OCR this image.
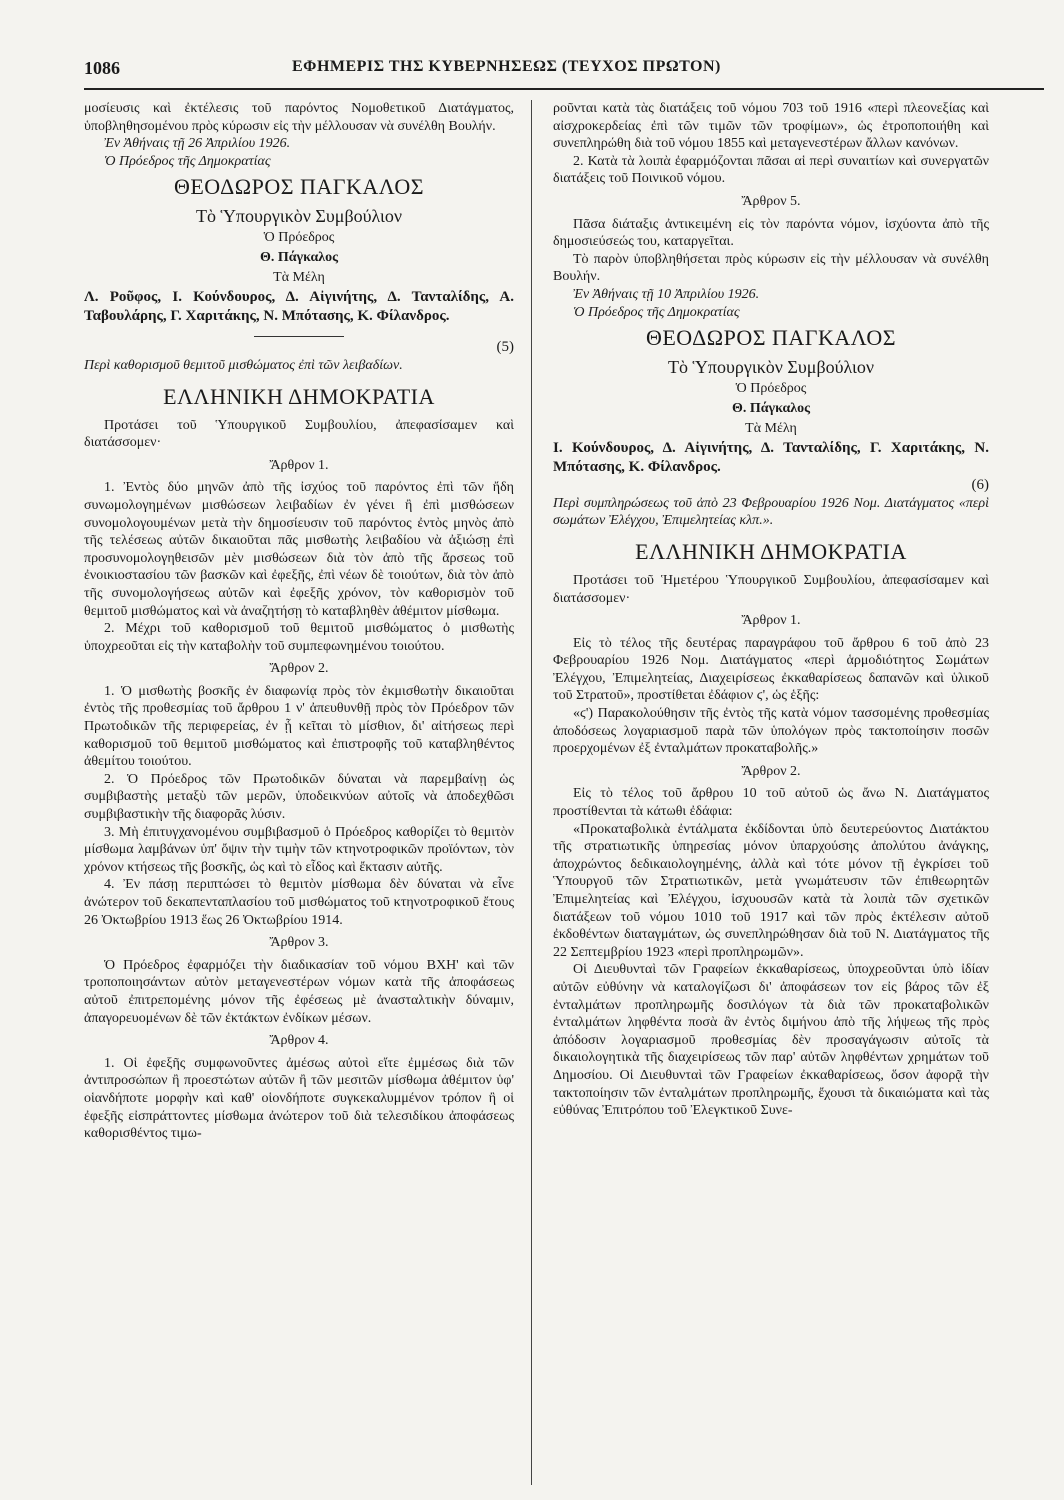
1086	ΕΦΗΜΕΡΙΣ ΤΗΣ ΚΥΒΕΡΝΗΣΕΩΣ (ΤΕΥΧΟΣ ΠΡΩΤΟΝ)

μοσίευσις καὶ ἐκτέλεσις τοῦ παρόντος Νομοθετικοῦ Διατάγματος, ὑποβληθησομένου πρὸς κύρωσιν εἰς τὴν μέλλουσαν νὰ συνέλθη Βουλήν.

Ἐν Ἀθήναις τῇ 26 Ἀπριλίου 1926.

Ὁ Πρόεδρος τῆς Δημοκρατίας

ΘΕΟΔΩΡΟΣ ΠΑΓΚΑΛΟΣ

Τὸ Ὑπουργικὸν Συμβούλιον

Ὁ Πρόεδρος

Θ. Πάγκαλος

Τὰ Μέλη

Λ. Ροῦφος, Ι. Κούνδουρος, Δ. Αἰγινήτης, Δ. Τανταλίδης, Α. Ταβουλάρης, Γ. Χαριτάκης, Ν. Μπότασης, Κ. Φίλανδρος.

(5)

Περὶ καθορισμοῦ θεμιτοῦ μισθώματος ἐπὶ τῶν λειβαδίων.

ΕΛΛΗΝΙΚΗ ΔΗΜΟΚΡΑΤΙΑ

Προτάσει τοῦ Ὑπουργικοῦ Συμβουλίου, ἀπεφασίσαμεν καὶ διατάσσομεν·

Ἄρθρον 1.

1. Ἐντὸς δύο μηνῶν ἀπὸ τῆς ἰσχύος τοῦ παρόντος ἐπὶ τῶν ἤδη συνωμολογημένων μισθώσεων λειβαδίων ἐν γένει ἢ ἐπὶ μισθώσεων συνομολογουμένων μετὰ τὴν δημοσίευσιν τοῦ παρόντος ἐντὸς μηνὸς ἀπὸ τῆς τελέσεως αὐτῶν δικαιοῦται πᾶς μισθωτὴς λειβαδίου νὰ ἀξιώσῃ ἐπὶ προσυνομολογηθεισῶν μὲν μισθώσεων διὰ τὸν ἀπὸ τῆς ἄρσεως τοῦ ἐνοικιοστασίου τῶν βασκῶν καὶ ἐφεξῆς, ἐπὶ νέων δὲ τοιούτων, διὰ τὸν ἀπὸ τῆς συνομολογήσεως αὐτῶν καὶ ἐφεξῆς χρόνον, τὸν καθορισμὸν τοῦ θεμιτοῦ μισθώματος καὶ νὰ ἀναζητήσῃ τὸ καταβληθὲν ἀθέμιτον μίσθωμα.

2. Μέχρι τοῦ καθορισμοῦ τοῦ θεμιτοῦ μισθώματος ὁ μισθωτὴς ὑποχρεοῦται εἰς τὴν καταβολὴν τοῦ συμπεφωνημένου τοιούτου.

Ἄρθρον 2.

1. Ὁ μισθωτὴς βοσκῆς ἐν διαφωνίᾳ πρὸς τὸν ἐκμισθωτὴν δικαιοῦται ἐντὸς τῆς προθεσμίας τοῦ ἄρθρου 1 ν' ἀπευθυνθῇ πρὸς τὸν Πρόεδρον τῶν Πρωτοδικῶν τῆς περιφερείας, ἐν ᾗ κεῖται τὸ μίσθιον, δι' αἰτήσεως περὶ καθορισμοῦ τοῦ θεμιτοῦ μισθώματος καὶ ἐπιστροφῆς τοῦ καταβληθέντος ἀθεμίτου τοιούτου.

2. Ὁ Πρόεδρος τῶν Πρωτοδικῶν δύναται νὰ παρεμβαίνῃ ὡς συμβιβαστὴς μεταξὺ τῶν μερῶν, ὑποδεικνύων αὐτοῖς νὰ ἀποδεχθῶσι συμβιβαστικὴν τῆς διαφορᾶς λύσιν.

3. Μὴ ἐπιτυγχανομένου συμβιβασμοῦ ὁ Πρόεδρος καθορίζει τὸ θεμιτὸν μίσθωμα λαμβάνων ὑπ' ὄψιν τὴν τιμὴν τῶν κτηνοτροφικῶν προϊόντων, τὸν χρόνον κτήσεως τῆς βοσκῆς, ὡς καὶ τὸ εἶδος καὶ ἔκτασιν αὐτῆς.

4. Ἐν πάσῃ περιπτώσει τὸ θεμιτὸν μίσθωμα δὲν δύναται νὰ εἶνε ἀνώτερον τοῦ δεκαπενταπλασίου τοῦ μισθώματος τοῦ κτηνοτροφικοῦ ἔτους 26 Ὀκτωβρίου 1913 ἕως 26 Ὀκτωβρίου 1914.

Ἄρθρον 3.

Ὁ Πρόεδρος ἐφαρμόζει τὴν διαδικασίαν τοῦ νόμου ΒΧΗ' καὶ τῶν τροποποιησάντων αὐτὸν μεταγενεστέρων νόμων κατὰ τῆς ἀποφάσεως αὐτοῦ ἐπιτρεπομένης μόνον τῆς ἐφέσεως μὲ ἀνασταλτικὴν δύναμιν, ἀπαγορευομένων δὲ τῶν ἐκτάκτων ἐνδίκων μέσων.

Ἄρθρον 4.

1. Οἱ ἐφεξῆς συμφωνοῦντες ἀμέσως αὐτοὶ εἴτε ἐμμέσως διὰ τῶν ἀντιπροσώπων ἢ προεστώτων αὐτῶν ἢ τῶν μεσιτῶν μίσθωμα ἀθέμιτον ὑφ' οἱανδήποτε μορφὴν καὶ καθ' οἱονδήποτε συγκεκαλυμμένον τρόπον ἢ οἱ ἐφεξῆς εἰσπράττοντες μίσθωμα ἀνώτερον τοῦ διὰ τελεσιδίκου ἀποφάσεως καθορισθέντος τιμω-

ροῦνται κατὰ τὰς διατάξεις τοῦ νόμου 703 τοῦ 1916 «περὶ πλεονεξίας καὶ αἰσχροκερδείας ἐπὶ τῶν τιμῶν τῶν τροφίμων», ὡς ἐτροποποιήθη καὶ συνεπληρώθη διὰ τοῦ νόμου 1855 καὶ μεταγενεστέρων ἄλλων κανόνων.

2. Κατὰ τὰ λοιπὰ ἐφαρμόζονται πᾶσαι αἱ περὶ συναιτίων καὶ συνεργατῶν διατάξεις τοῦ Ποινικοῦ νόμου.

Ἄρθρον 5.

Πᾶσα διάταξις ἀντικειμένη εἰς τὸν παρόντα νόμον, ἰσχύοντα ἀπὸ τῆς δημοσιεύσεώς του, καταργεῖται.

Τὸ παρὸν ὑποβληθήσεται πρὸς κύρωσιν εἰς τὴν μέλλουσαν νὰ συνέλθη Βουλήν.

Ἐν Ἀθήναις τῇ 10 Ἀπριλίου 1926.

Ὁ Πρόεδρος τῆς Δημοκρατίας

ΘΕΟΔΩΡΟΣ ΠΑΓΚΑΛΟΣ

Τὸ Ὑπουργικὸν Συμβούλιον

Ὁ Πρόεδρος

Θ. Πάγκαλος

Τὰ Μέλη

Ι. Κούνδουρος, Δ. Αἰγινήτης, Δ. Τανταλίδης, Γ. Χαριτάκης, Ν. Μπότασης, Κ. Φίλανδρος.

(6)

Περὶ συμπληρώσεως τοῦ ἀπὸ 23 Φεβρουαρίου 1926 Νομ. Διατάγματος «περὶ σωμάτων Ἐλέγχου, Ἐπιμελητείας κλπ.».

ΕΛΛΗΝΙΚΗ ΔΗΜΟΚΡΑΤΙΑ

Προτάσει τοῦ Ἡμετέρου Ὑπουργικοῦ Συμβουλίου, ἀπεφασίσαμεν καὶ διατάσσομεν·

Ἄρθρον 1.

Εἰς τὸ τέλος τῆς δευτέρας παραγράφου τοῦ ἄρθρου 6 τοῦ ἀπὸ 23 Φεβρουαρίου 1926 Νομ. Διατάγματος «περὶ ἁρμοδιότητος Σωμάτων Ἐλέγχου, Ἐπιμελητείας, Διαχειρίσεως ἐκκαθαρίσεως δαπανῶν καὶ ὑλικοῦ τοῦ Στρατοῦ», προστίθεται ἐδάφιον ϛ', ὡς ἑξῆς:

«ϛ') Παρακολούθησιν τῆς ἐντὸς τῆς κατὰ νόμον τασσομένης προθεσμίας ἀποδόσεως λογαριασμοῦ παρὰ τῶν ὑπολόγων πρὸς τακτοποίησιν ποσῶν προερχομένων ἐξ ἐνταλμάτων προκαταβολῆς.»

Ἄρθρον 2.

Εἰς τὸ τέλος τοῦ ἄρθρου 10 τοῦ αὐτοῦ ὡς ἄνω Ν. Διατάγματος προστίθενται τὰ κάτωθι ἐδάφια:

«Προκαταβολικὰ ἐντάλματα ἐκδίδονται ὑπὸ δευτερεύοντος Διατάκτου τῆς στρατιωτικῆς ὑπηρεσίας μόνον ὑπαρχούσης ἀπολύτου ἀνάγκης, ἀποχρώντος δεδικαιολογημένης, ἀλλὰ καὶ τότε μόνον τῇ ἐγκρίσει τοῦ Ὑπουργοῦ τῶν Στρατιωτικῶν, μετὰ γνωμάτευσιν τῶν ἐπιθεωρητῶν Ἐπιμελητείας καὶ Ἐλέγχου, ἰσχυουσῶν κατὰ τὰ λοιπὰ τῶν σχετικῶν διατάξεων τοῦ νόμου 1010 τοῦ 1917 καὶ τῶν πρὸς ἐκτέλεσιν αὐτοῦ ἐκδοθέντων διαταγμάτων, ὡς συνεπληρώθησαν διὰ τοῦ Ν. Διατάγματος τῆς 22 Σεπτεμβρίου 1923 «περὶ προπληρωμῶν».

Οἱ Διευθυνταὶ τῶν Γραφείων ἐκκαθαρίσεως, ὑποχρεοῦνται ὑπὸ ἰδίαν αὐτῶν εὐθύνην νὰ καταλογίζωσι δι' ἀποφάσεων τον εἰς βάρος τῶν ἐξ ἐνταλμάτων προπληρωμῆς δοσιλόγων τὰ διὰ τῶν προκαταβολικῶν ἐνταλμάτων ληφθέντα ποσὰ ἂν ἐντὸς διμήνου ἀπὸ τῆς λήψεως τῆς πρὸς ἀπόδοσιν λογαριασμοῦ προθεσμίας δὲν προσαγάγωσιν αὐτοῖς τὰ δικαιολογητικὰ τῆς διαχειρίσεως τῶν παρ' αὐτῶν ληφθέντων χρημάτων τοῦ Δημοσίου. Οἱ Διευθυνταὶ τῶν Γραφείων ἐκκαθαρίσεως, ὅσον ἀφορᾷ τὴν τακτοποίησιν τῶν ἐνταλμάτων προπληρωμῆς, ἔχουσι τὰ δικαιώματα καὶ τὰς εὐθύνας Ἐπιτρόπου τοῦ Ἐλεγκτικοῦ Συνε-
